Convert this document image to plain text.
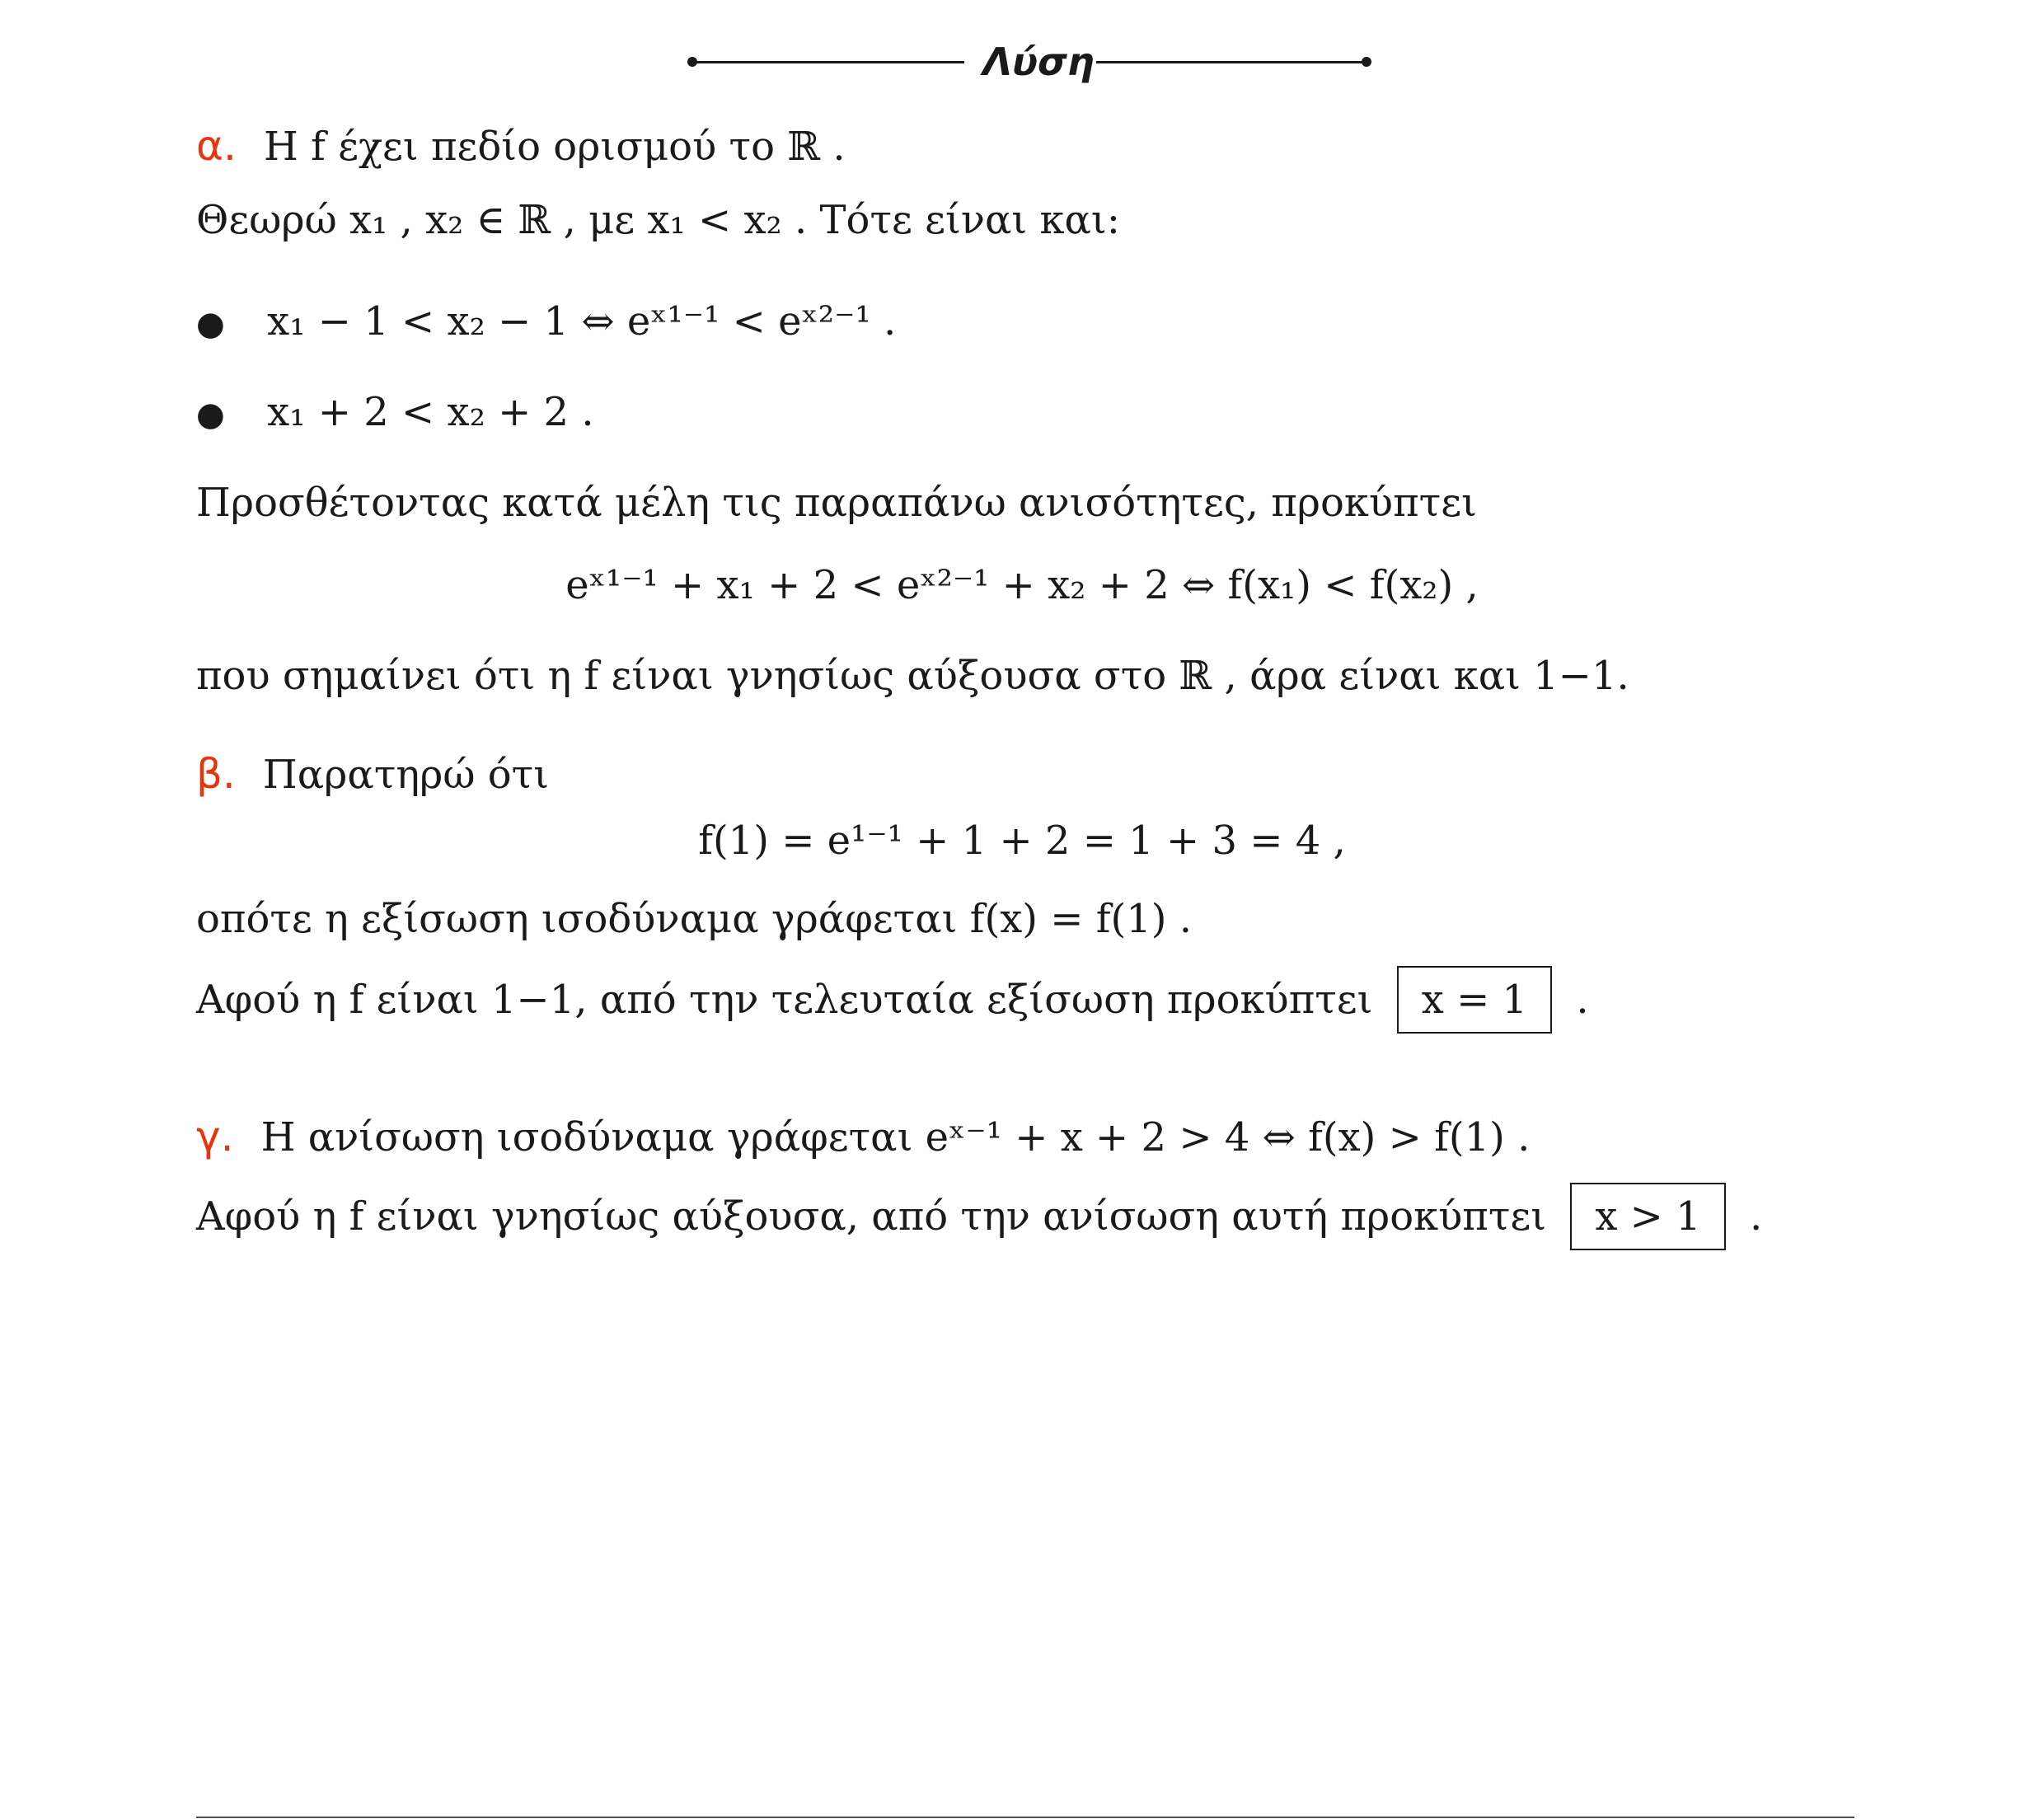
Λύση
α. Η f έχει πεδίο ορισμού το ℝ .
Θεωρώ x₁ , x₂ ∈ ℝ , με x₁ < x₂ . Τότε είναι και:
● x₁ − 1 < x₂ − 1 ⇔ eˣ¹⁻¹ < eˣ²⁻¹ .
● x₁ + 2 < x₂ + 2 .
Προσθέτοντας κατά μέλη τις παραπάνω ανισότητες, προκύπτει
eˣ¹⁻¹ + x₁ + 2 < eˣ²⁻¹ + x₂ + 2 ⇔ f(x₁) < f(x₂) ,
που σημαίνει ότι η f είναι γνησίως αύξουσα στο ℝ , άρα είναι και 1−1.
β. Παρατηρώ ότι
f(1) = e¹⁻¹ + 1 + 2 = 1 + 3 = 4 ,
οπότε η εξίσωση ισοδύναμα γράφεται f(x) = f(1) .
Αφού η f είναι 1−1, από την τελευταία εξίσωση προκύπτει x = 1 .
γ. Η ανίσωση ισοδύναμα γράφεται eˣ⁻¹ + x + 2 > 4 ⇔ f(x) > f(1) .
Αφού η f είναι γνησίως αύξουσα, από την ανίσωση αυτή προκύπτει x > 1 .
